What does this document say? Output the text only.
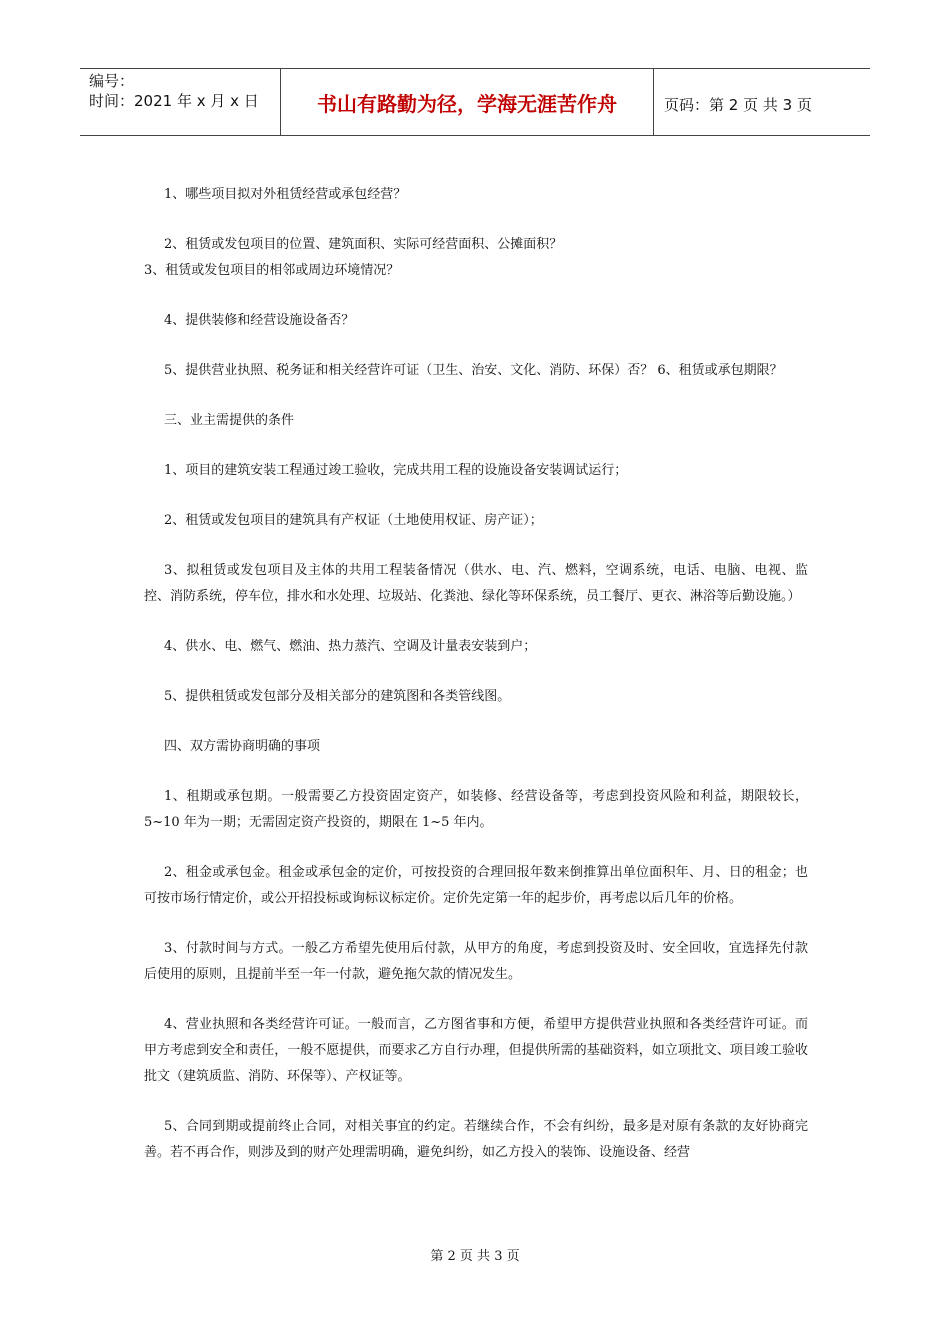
编号：
时间：2021 年 x 月 x 日	书山有路勤为径，学海无涯苦作舟	页码：第 2 页 共 3 页

1、哪些项目拟对外租赁经营或承包经营？

2、租赁或发包项目的位置、建筑面积、实际可经营面积、公摊面积？

3、租赁或发包项目的相邻或周边环境情况？

4、提供装修和经营设施设备否？

5、提供营业执照、税务证和相关经营许可证（卫生、治安、文化、消防、环保）否？ 6、租赁或承包期限？

三、业主需提供的条件

1、项目的建筑安装工程通过竣工验收，完成共用工程的设施设备安装调试运行；

2、租赁或发包项目的建筑具有产权证（土地使用权证、房产证）；

3、拟租赁或发包项目及主体的共用工程装备情况（供水、电、汽、燃料，空调系统，电话、电脑、电视、监控、消防系统，停车位，排水和水处理、垃圾站、化粪池、绿化等环保系统，员工餐厅、更衣、淋浴等后勤设施。）

4、供水、电、燃气、燃油、热力蒸汽、空调及计量表安装到户；

5、提供租赁或发包部分及相关部分的建筑图和各类管线图。

四、双方需协商明确的事项

1、租期或承包期。一般需要乙方投资固定资产，如装修、经营设备等，考虑到投资风险和利益，期限较长，5~10 年为一期；无需固定资产投资的，期限在 1~5 年内。

2、租金或承包金。租金或承包金的定价，可按投资的合理回报年数来倒推算出单位面积年、月、日的租金；也可按市场行情定价，或公开招投标或询标议标定价。定价先定第一年的起步价，再考虑以后几年的价格。

3、付款时间与方式。一般乙方希望先使用后付款，从甲方的角度，考虑到投资及时、安全回收，宜选择先付款后使用的原则，且提前半至一年一付款，避免拖欠款的情况发生。

4、营业执照和各类经营许可证。一般而言，乙方图省事和方便，希望甲方提供营业执照和各类经营许可证。而甲方考虑到安全和责任，一般不愿提供，而要求乙方自行办理，但提供所需的基础资料，如立项批文、项目竣工验收批文（建筑质监、消防、环保等）、产权证等。

5、合同到期或提前终止合同，对相关事宜的约定。若继续合作，不会有纠纷，最多是对原有条款的友好协商完善。若不再合作，则涉及到的财产处理需明确，避免纠纷，如乙方投入的装饰、设施设备、经营

第 2 页 共 3 页
